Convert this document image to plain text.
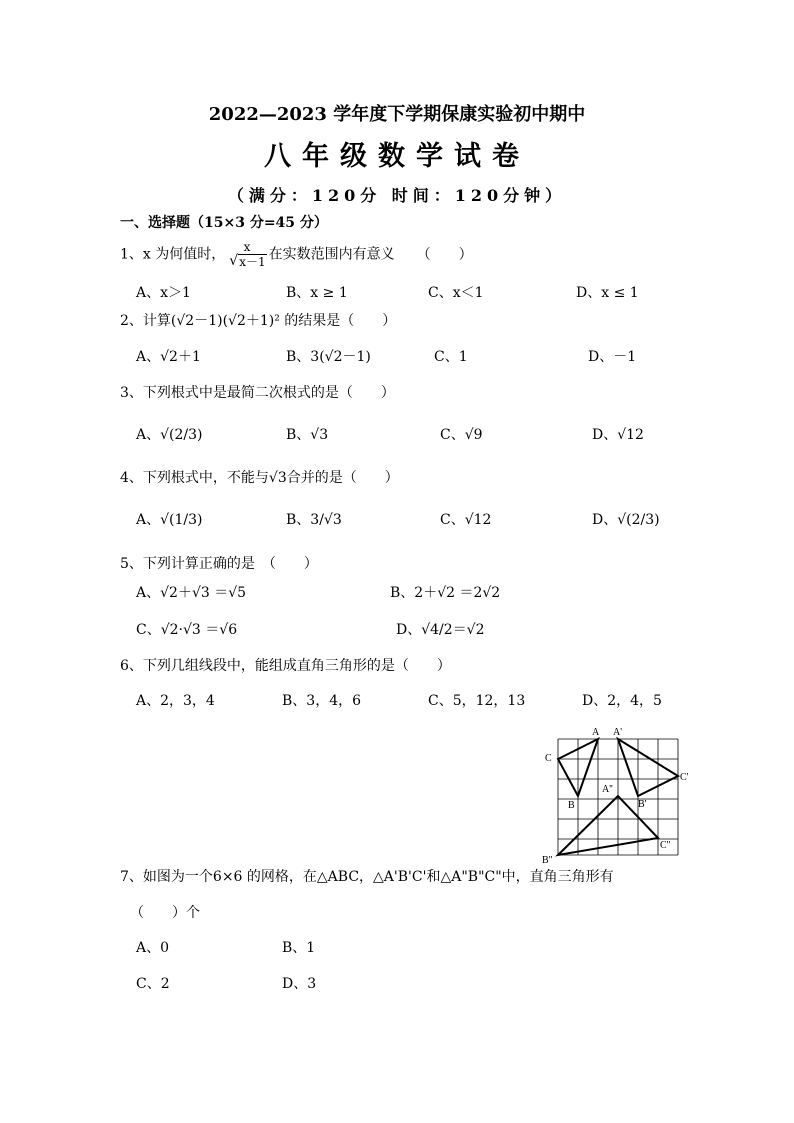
2022—2023 学年度下学期保康实验初中期中
八年级数学试卷
（满分：120分 时间：120分钟）
一、选择题（15×3 分=45 分）
1、x 为何值时， x
√ x－1 在实数范围内有意义 （　　）
A、x＞1	B、x ≥ 1	C、x＜1	D、x ≤ 1
2、计算(√2－1)(√2＋1)² 的结果是（　　）
A、√2＋1	B、3(√2－1)	C、1	D、－1
3、下列根式中是最简二次根式的是（　　）
A、√(2/3)	B、√3	C、√9	D、√12
4、下列根式中，不能与√3合并的是（　　）
A、√(1/3)	B、3/√3	C、√12	D、√(2/3)
5、下列计算正确的是　（　　）
A、√2＋√3 ＝√5	B、2＋√2 ＝2√2
C、√2·√3 ＝√6	D、√4/2＝√2
6、下列几组线段中，能组成直角三角形的是（　　）
A、2，3，4	B、3，4，6	C、5，12，13	D、2，4，5
A A'
C
C'
B
A''
B'
B''
C''
7、如图为一个6×6 的网格，在△ABC，△A'B'C'和△A"B"C"中，直角三角形有
（　　）个
A、0	B、1
C、2	D、3
